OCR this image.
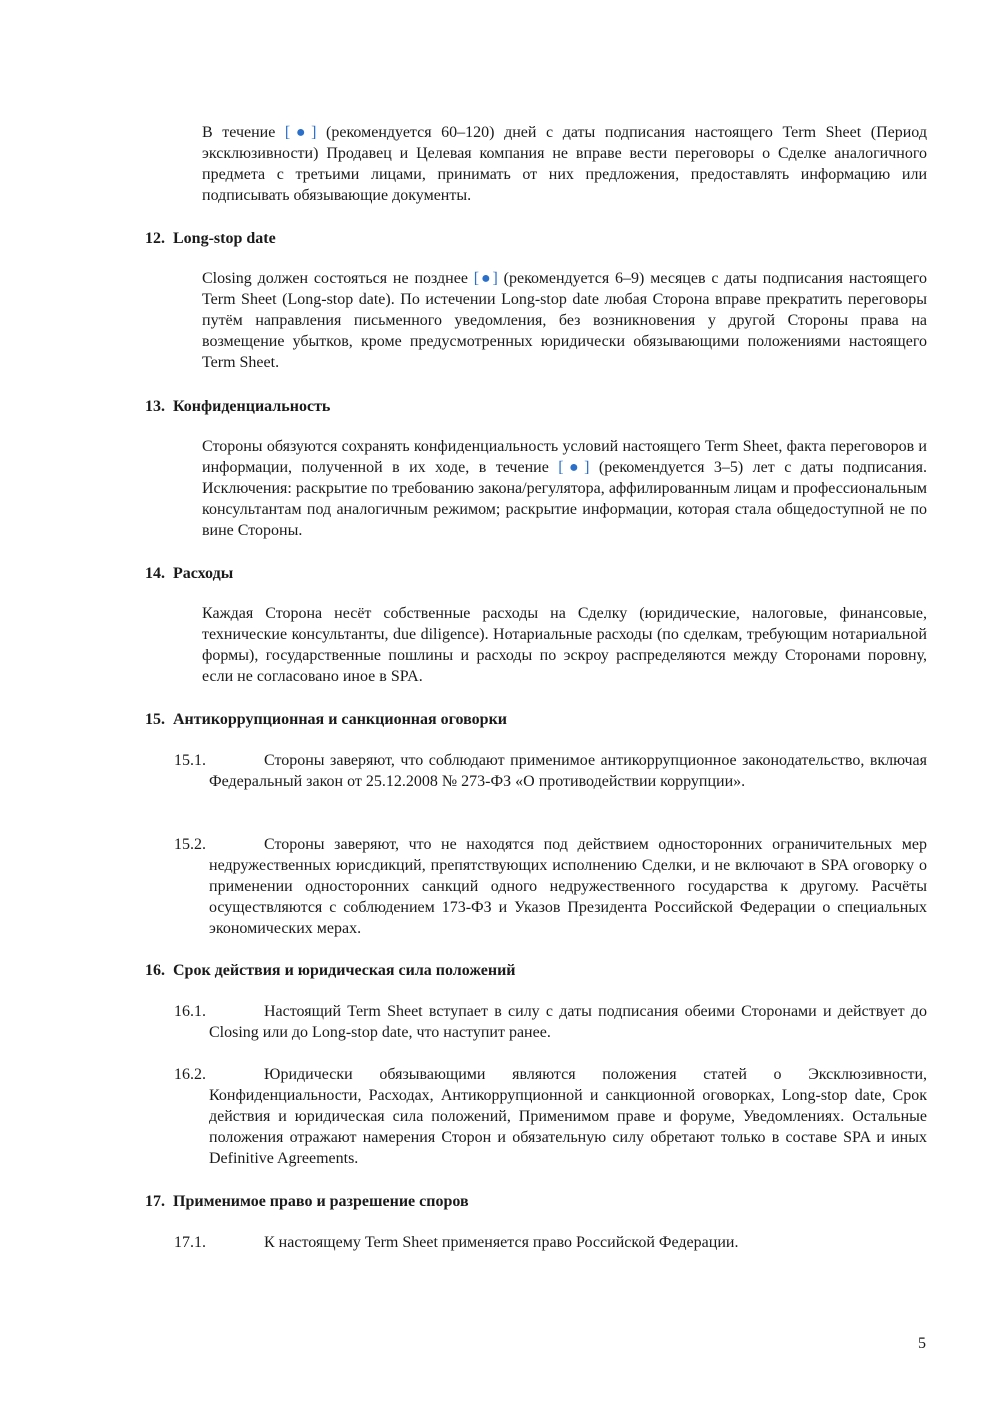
В течение [●] (рекомендуется 60–120) дней с даты подписания настоящего Term Sheet (Период эксклюзивности) Продавец и Целевая компания не вправе вести переговоры о Сделке аналогичного предмета с третьими лицами, принимать от них предложения, предоставлять информацию или подписывать обязывающие документы.

12. Long-stop date

Closing должен состояться не позднее [●] (рекомендуется 6–9) месяцев с даты подписания настоящего Term Sheet (Long-stop date). По истечении Long-stop date любая Сторона вправе прекратить переговоры путём направления письменного уведомления, без возникновения у другой Стороны права на возмещение убытков, кроме предусмотренных юридически обязывающими положениями настоящего Term Sheet.

13. Конфиденциальность

Стороны обязуются сохранять конфиденциальность условий настоящего Term Sheet, факта переговоров и информации, полученной в их ходе, в течение [●] (рекомендуется 3–5) лет с даты подписания. Исключения: раскрытие по требованию закона/регулятора, аффилированным лицам и профессиональным консультантам под аналогичным режимом; раскрытие информации, которая стала общедоступной не по вине Стороны.

14. Расходы

Каждая Сторона несёт собственные расходы на Сделку (юридические, налоговые, финансовые, технические консультанты, due diligence). Нотариальные расходы (по сделкам, требующим нотариальной формы), государственные пошлины и расходы по эскроу распределяются между Сторонами поровну, если не согласовано иное в SPA.

15. Антикоррупционная и санкционная оговорки

15.1.	Стороны заверяют, что соблюдают применимое антикоррупционное законодательство, включая Федеральный закон от 25.12.2008 № 273-ФЗ «О противодействии коррупции».

15.2.	Стороны заверяют, что не находятся под действием односторонних ограничительных мер недружественных юрисдикций, препятствующих исполнению Сделки, и не включают в SPA оговорку о применении односторонних санкций одного недружественного государства к другому. Расчёты осуществляются с соблюдением 173-ФЗ и Указов Президента Российской Федерации о специальных экономических мерах.

16. Срок действия и юридическая сила положений

16.1.	Настоящий Term Sheet вступает в силу с даты подписания обеими Сторонами и действует до Closing или до Long-stop date, что наступит ранее.

16.2.	Юридически обязывающими являются положения статей о Эксклюзивности, Конфиденциальности, Расходах, Антикоррупционной и санкционной оговорках, Long-stop date, Срок действия и юридическая сила положений, Применимом праве и форуме, Уведомлениях. Остальные положения отражают намерения Сторон и обязательную силу обретают только в составе SPA и иных Definitive Agreements.

17. Применимое право и разрешение споров

17.1.	К настоящему Term Sheet применяется право Российской Федерации.

5
